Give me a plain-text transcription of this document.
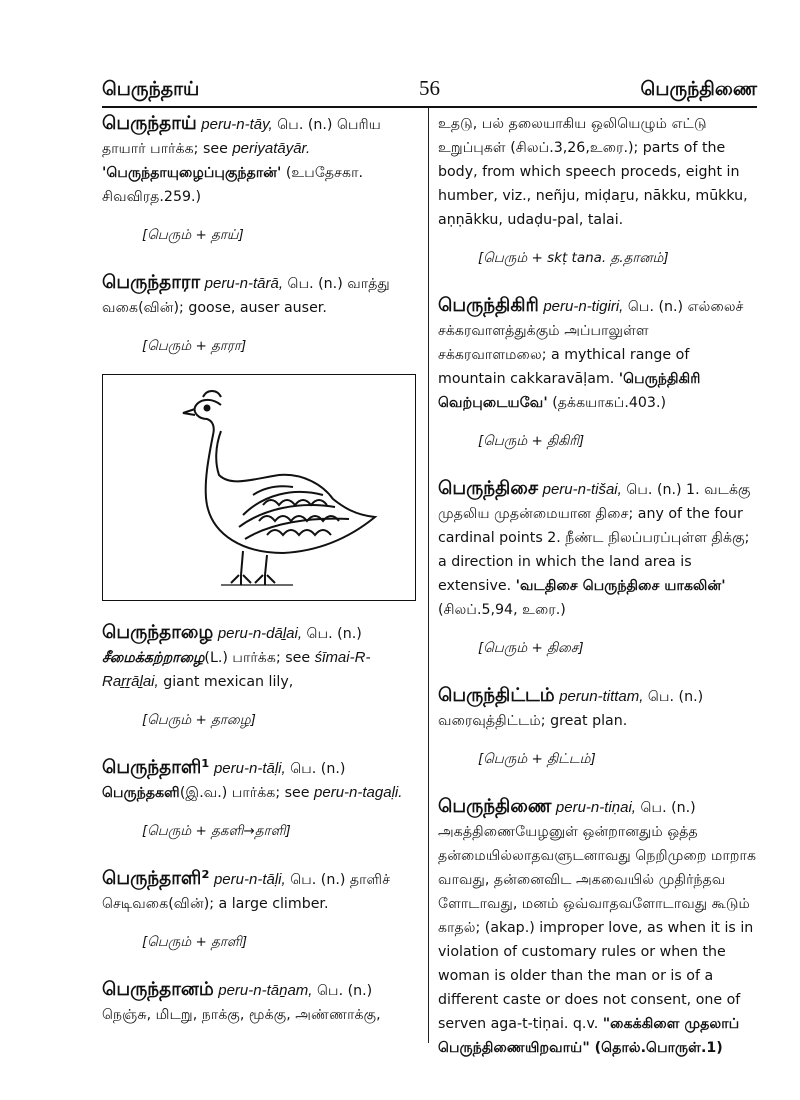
பெருந்தாய்	56	பெருந்திணை

பெருந்தாய் peru-n-tāy, பெ. (n.) பெரிய தாயார் பார்க்க; see periyatāyār. 'பெருந்தாயுழைப்புகுந்தான்' (உபதேசகா. சிவவிரத.259.)

[பெரும் + தாய்]

பெருந்தாரா peru-n-tārā, பெ. (n.) வாத்து வகை(வின்); goose, auser auser.

[பெரும் + தாரா]

பெருந்தாழை peru-n-dāḻai, பெ. (n.) சீமைக்கற்றாழை(L.) பார்க்க; see śīmai-R-Raṟṟāḻai, giant mexican lily,

[பெரும் + தாழை]

பெருந்தாளி¹ peru-n-tāḷi, பெ. (n.) பெருந்தகளி(இ.வ.) பார்க்க; see peru-n-tagaḷi.

[பெரும் + தகளி→தாளி]

பெருந்தாளி² peru-n-tāḷi, பெ. (n.) தாளிச் செடிவகை(வின்); a large climber.

[பெரும் + தாளி]

பெருந்தானம் peru-n-tāṉam, பெ. (n.) நெஞ்சு, மிடறு, நாக்கு, மூக்கு, அண்ணாக்கு,

உதடு, பல் தலையாகிய ஒலியெழும் எட்டு உறுப்புகள் (சிலப்.3,26,உரை.); parts of the body, from which speech proceds, eight in humber, viz., neñju, miḍaṟu, nākku, mūkku, aṇṇākku, udaḍu-pal, talai.

[பெரும் + skṭ tana. த.தானம்]

பெருந்திகிரி peru-n-tigiri, பெ. (n.) எல்லைச் சக்கரவாளத்துக்கும் அப்பாலுள்ள சக்கரவாளமலை; a mythical range of mountain cakkaravāḷam. 'பெருந்திகிரி வெற்புடையவே' (தக்கயாகப்.403.)

[பெரும் + திகிரி]

பெருந்திசை peru-n-tišai, பெ. (n.) 1. வடக்கு முதலிய முதன்மையான திசை; any of the four cardinal points 2. நீண்ட நிலப்பரப்புள்ள திக்கு; a direction in which the land area is extensive. 'வடதிசை பெருந்திசை யாகலின்' (சிலப்.5,94, உரை.)

[பெரும் + திசை]

பெருந்திட்டம் perun-tittam, பெ. (n.) வரைவுத்திட்டம்; great plan.

[பெரும் + திட்டம்]

பெருந்திணை peru-n-tiṇai, பெ. (n.) அகத்திணையேழனுள் ஒன்றானதும் ஒத்த தன்மையில்லாதவளுடனாவது நெறிமுறை மாறாக வாவது, தன்னைவிட அகவையில் முதிர்ந்தவ ளோடாவது, மனம் ஒவ்வாதவளோடாவது கூடும் காதல்; (akap.) improper love, as when it is in violation of customary rules or when the woman is older than the man or is of a different caste or does not consent, one of serven aga-t-tiṇai. q.v. "கைக்கிளை முதலாப் பெருந்திணையிறவாய்" (தொல்.பொருள்.1)
